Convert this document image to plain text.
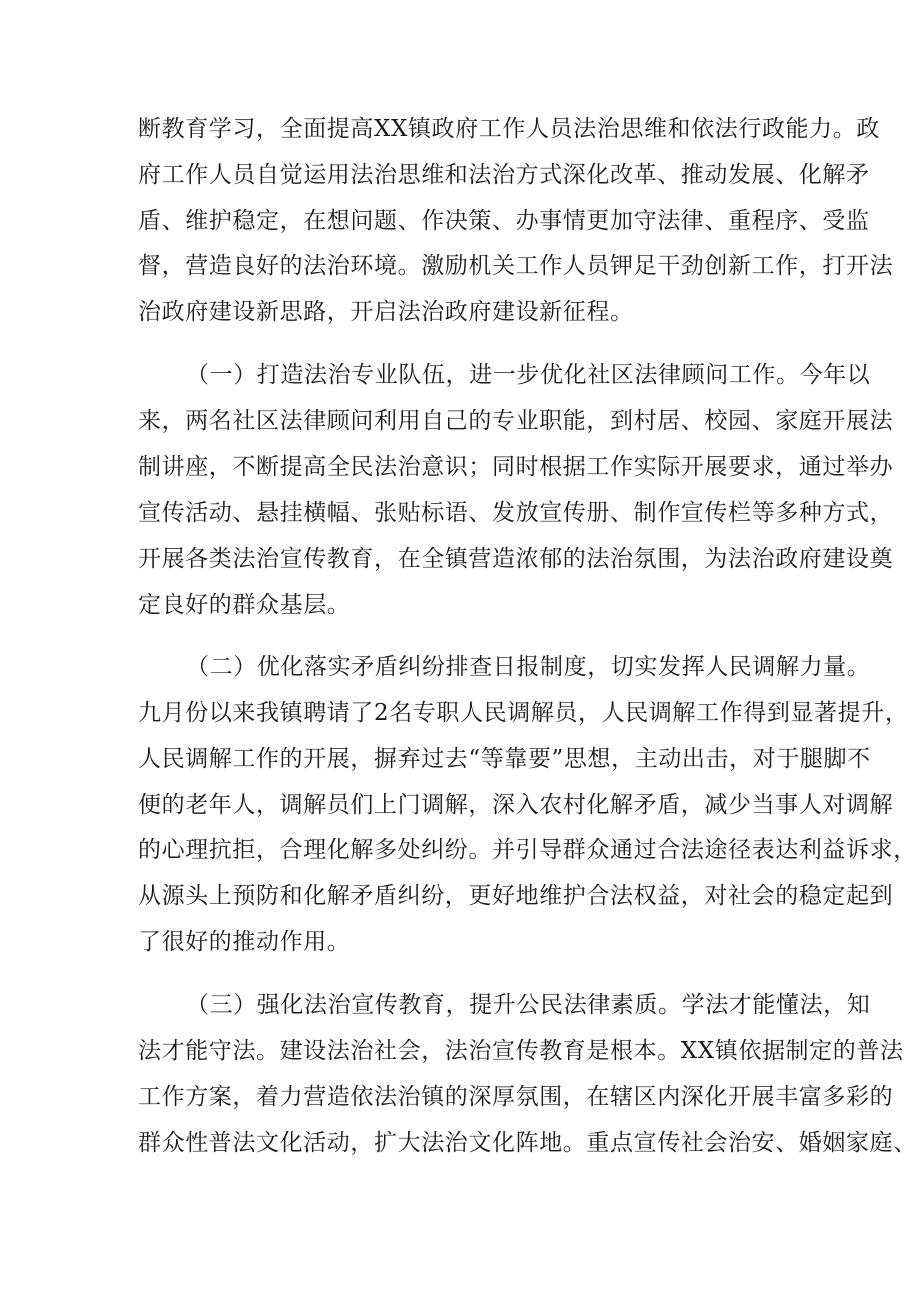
断教育学习，全面提高XX镇政府工作人员法治思维和依法行政能力。政
府工作人员自觉运用法治思维和法治方式深化改革、推动发展、化解矛
盾、维护稳定，在想问题、作决策、办事情更加守法律、重程序、受监
督，营造良好的法治环境。激励机关工作人员钾足干劲创新工作，打开法
治政府建设新思路，开启法治政府建设新征程。
（一）打造法治专业队伍，进一步优化社区法律顾问工作。今年以
来，两名社区法律顾问利用自己的专业职能，到村居、校园、家庭开展法
制讲座，不断提高全民法治意识；同时根据工作实际开展要求，通过举办
宣传活动、悬挂横幅、张贴标语、发放宣传册、制作宣传栏等多种方式，
开展各类法治宣传教育，在全镇营造浓郁的法治氛围，为法治政府建设奠
定良好的群众基层。
（二）优化落实矛盾纠纷排查日报制度，切实发挥人民调解力量。
九月份以来我镇聘请了2名专职人民调解员，人民调解工作得到显著提升，
人民调解工作的开展，摒弃过去“等靠要”思想，主动出击，对于腿脚不
便的老年人，调解员们上门调解，深入农村化解矛盾，减少当事人对调解
的心理抗拒，合理化解多处纠纷。并引导群众通过合法途径表达利益诉求，
从源头上预防和化解矛盾纠纷，更好地维护合法权益，对社会的稳定起到
了很好的推动作用。
（三）强化法治宣传教育，提升公民法律素质。学法才能懂法，知
法才能守法。建设法治社会，法治宣传教育是根本。XX镇依据制定的普法
工作方案，着力营造依法治镇的深厚氛围，在辖区内深化开展丰富多彩的
群众性普法文化活动，扩大法治文化阵地。重点宣传社会治安、婚姻家庭、
